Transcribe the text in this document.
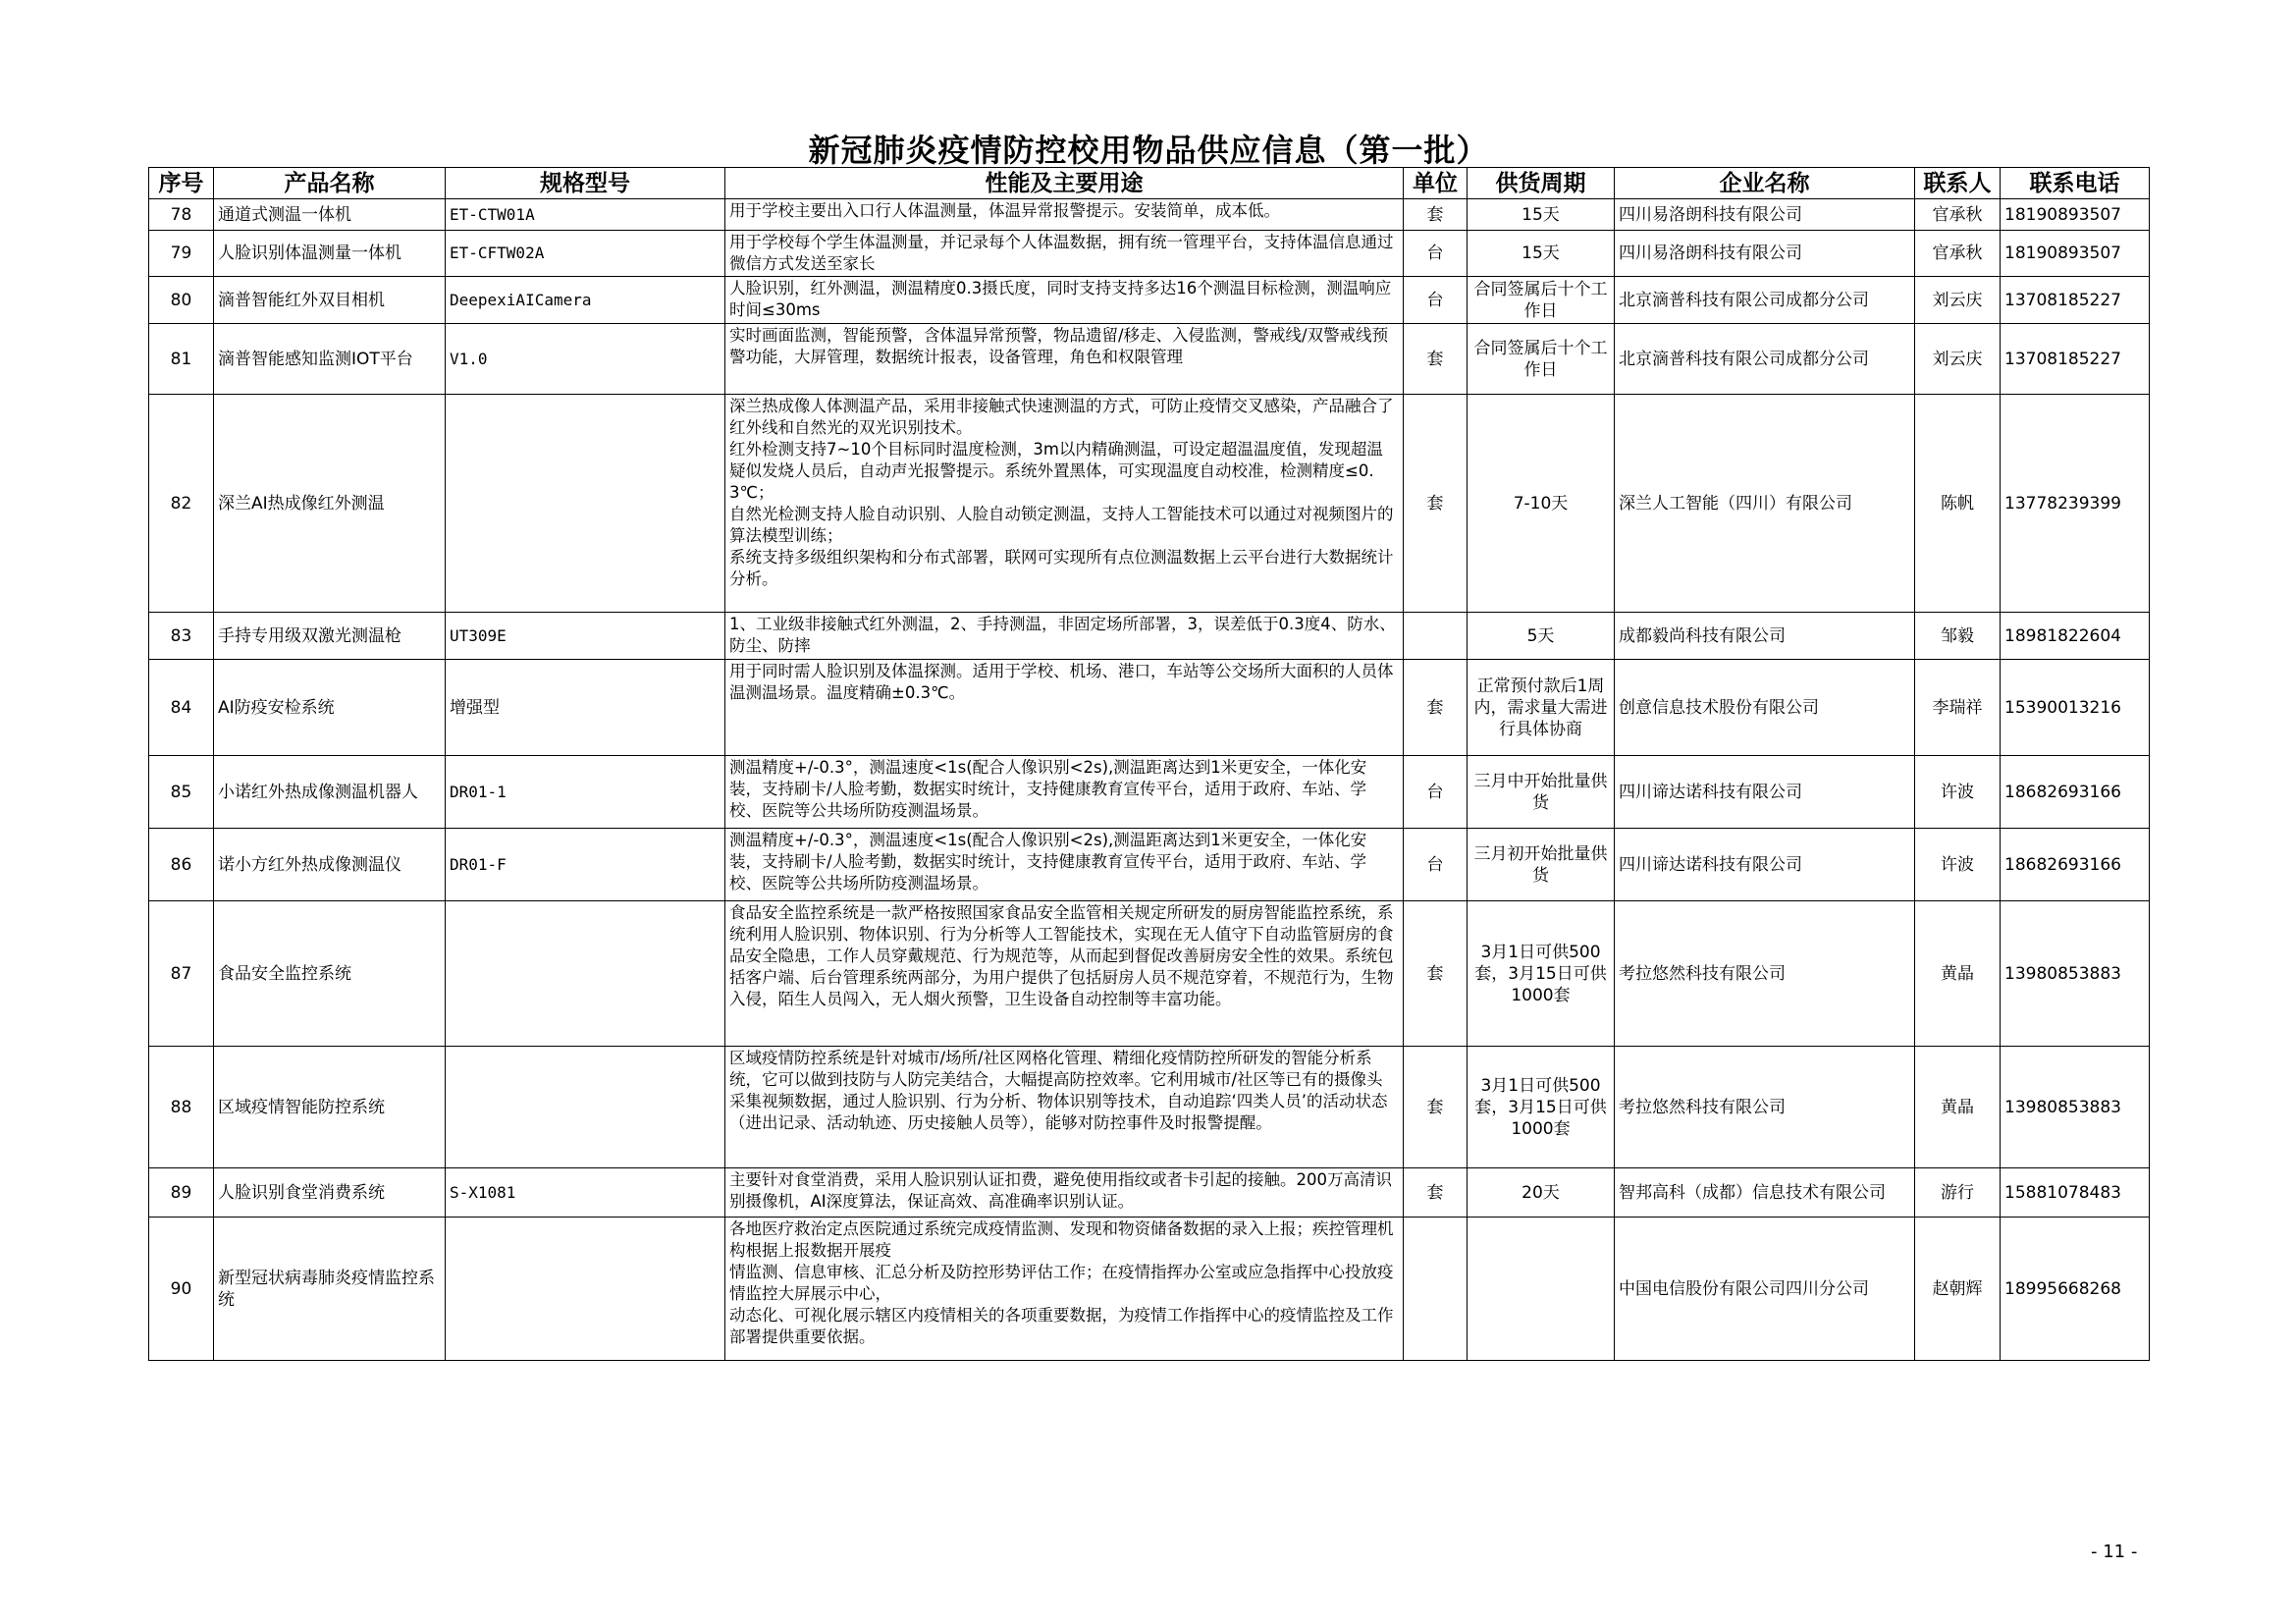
新冠肺炎疫情防控校用物品供应信息（第一批）
序号	产品名称	规格型号	性能及主要用途	单位	供货周期	企业名称	联系人	联系电话
78	通道式测温一体机	ET-CTW01A	用于学校主要出入口行人体温测量，体温异常报警提示。安装简单，成本低。	套	15天	四川易洛朗科技有限公司	官承秋	18190893507
79	人脸识别体温测量一体机	ET-CFTW02A	用于学校每个学生体温测量，并记录每个人体温数据，拥有统一管理平台，支持体温信息通过微信方式发送至家长	台	15天	四川易洛朗科技有限公司	官承秋	18190893507
80	滴普智能红外双目相机	DeepexiAICamera	人脸识别，红外测温，测温精度0.3摄氏度，同时支持支持多达16个测温目标检测，测温响应时间≤30ms	台	合同签属后十个工作日	北京滴普科技有限公司成都分公司	刘云庆	13708185227
81	滴普智能感知监测IOT平台	V1.0	实时画面监测，智能预警，含体温异常预警，物品遗留/移走、入侵监测，警戒线/双警戒线预警功能，大屏管理，数据统计报表，设备管理，角色和权限管理	套	合同签属后十个工作日	北京滴普科技有限公司成都分公司	刘云庆	13708185227
82	深兰AI热成像红外测温		深兰热成像人体测温产品，采用非接触式快速测温的方式，可防止疫情交叉感染，产品融合了红外线和自然光的双光识别技术。
红外检测支持7~10个目标同时温度检测，3m以内精确测温，可设定超温温度值，发现超温疑似发烧人员后，自动声光报警提示。系统外置黑体，可实现温度自动校准，检测精度≤0.3℃；
自然光检测支持人脸自动识别、人脸自动锁定测温，支持人工智能技术可以通过对视频图片的算法模型训练；
系统支持多级组织架构和分布式部署，联网可实现所有点位测温数据上云平台进行大数据统计分析。	套	7-10天	深兰人工智能（四川）有限公司	陈帆	13778239399
83	手持专用级双激光测温枪	UT309E	1、工业级非接触式红外测温，2、手持测温，非固定场所部署，3，误差低于0.3度4、防水、防尘、防摔		5天	成都毅尚科技有限公司	邹毅	18981822604
84	AI防疫安检系统	增强型	用于同时需人脸识别及体温探测。适用于学校、机场、港口，车站等公交场所大面积的人员体温测温场景。温度精确±0.3℃。	套	正常预付款后1周内，需求量大需进行具体协商	创意信息技术股份有限公司	李瑞祥	15390013216
85	小诺红外热成像测温机器人	DR01-1	测温精度+/-0.3°，测温速度<1s(配合人像识别<2s),测温距离达到1米更安全，一体化安装，支持刷卡/人脸考勤，数据实时统计，支持健康教育宣传平台，适用于政府、车站、学校、医院等公共场所防疫测温场景。	台	三月中开始批量供货	四川谛达诺科技有限公司	许波	18682693166
86	诺小方红外热成像测温仪	DR01-F	测温精度+/-0.3°，测温速度<1s(配合人像识别<2s),测温距离达到1米更安全，一体化安装，支持刷卡/人脸考勤，数据实时统计，支持健康教育宣传平台，适用于政府、车站、学校、医院等公共场所防疫测温场景。	台	三月初开始批量供货	四川谛达诺科技有限公司	许波	18682693166
87	食品安全监控系统		食品安全监控系统是一款严格按照国家食品安全监管相关规定所研发的厨房智能监控系统，系统利用人脸识别、物体识别、行为分析等人工智能技术，实现在无人值守下自动监管厨房的食品安全隐患，工作人员穿戴规范、行为规范等，从而起到督促改善厨房安全性的效果。系统包括客户端、后台管理系统两部分，为用户提供了包括厨房人员不规范穿着，不规范行为，生物入侵，陌生人员闯入，无人烟火预警，卫生设备自动控制等丰富功能。	套	3月1日可供500套，3月15日可供1000套	考拉悠然科技有限公司	黄晶	13980853883
88	区域疫情智能防控系统		区域疫情防控系统是针对城市/场所/社区网格化管理、精细化疫情防控所研发的智能分析系统，它可以做到技防与人防完美结合，大幅提高防控效率。它利用城市/社区等已有的摄像头采集视频数据，通过人脸识别、行为分析、物体识别等技术，自动追踪‘四类人员’的活动状态（进出记录、活动轨迹、历史接触人员等），能够对防控事件及时报警提醒。	套	3月1日可供500套，3月15日可供1000套	考拉悠然科技有限公司	黄晶	13980853883
89	人脸识别食堂消费系统	S-X1081	主要针对食堂消费，采用人脸识别认证扣费，避免使用指纹或者卡引起的接触。200万高清识别摄像机，AI深度算法，保证高效、高准确率识别认证。	套	20天	智邦高科（成都）信息技术有限公司	游行	15881078483
90	新型冠状病毒肺炎疫情监控系统		各地医疗救治定点医院通过系统完成疫情监测、发现和物资储备数据的录入上报；疾控管理机构根据上报数据开展疫
情监测、信息审核、汇总分析及防控形势评估工作；在疫情指挥办公室或应急指挥中心投放疫情监控大屏展示中心，
动态化、可视化展示辖区内疫情相关的各项重要数据，为疫情工作指挥中心的疫情监控及工作部署提供重要依据。			中国电信股份有限公司四川分公司	赵朝辉	18995668268
- 11 -
